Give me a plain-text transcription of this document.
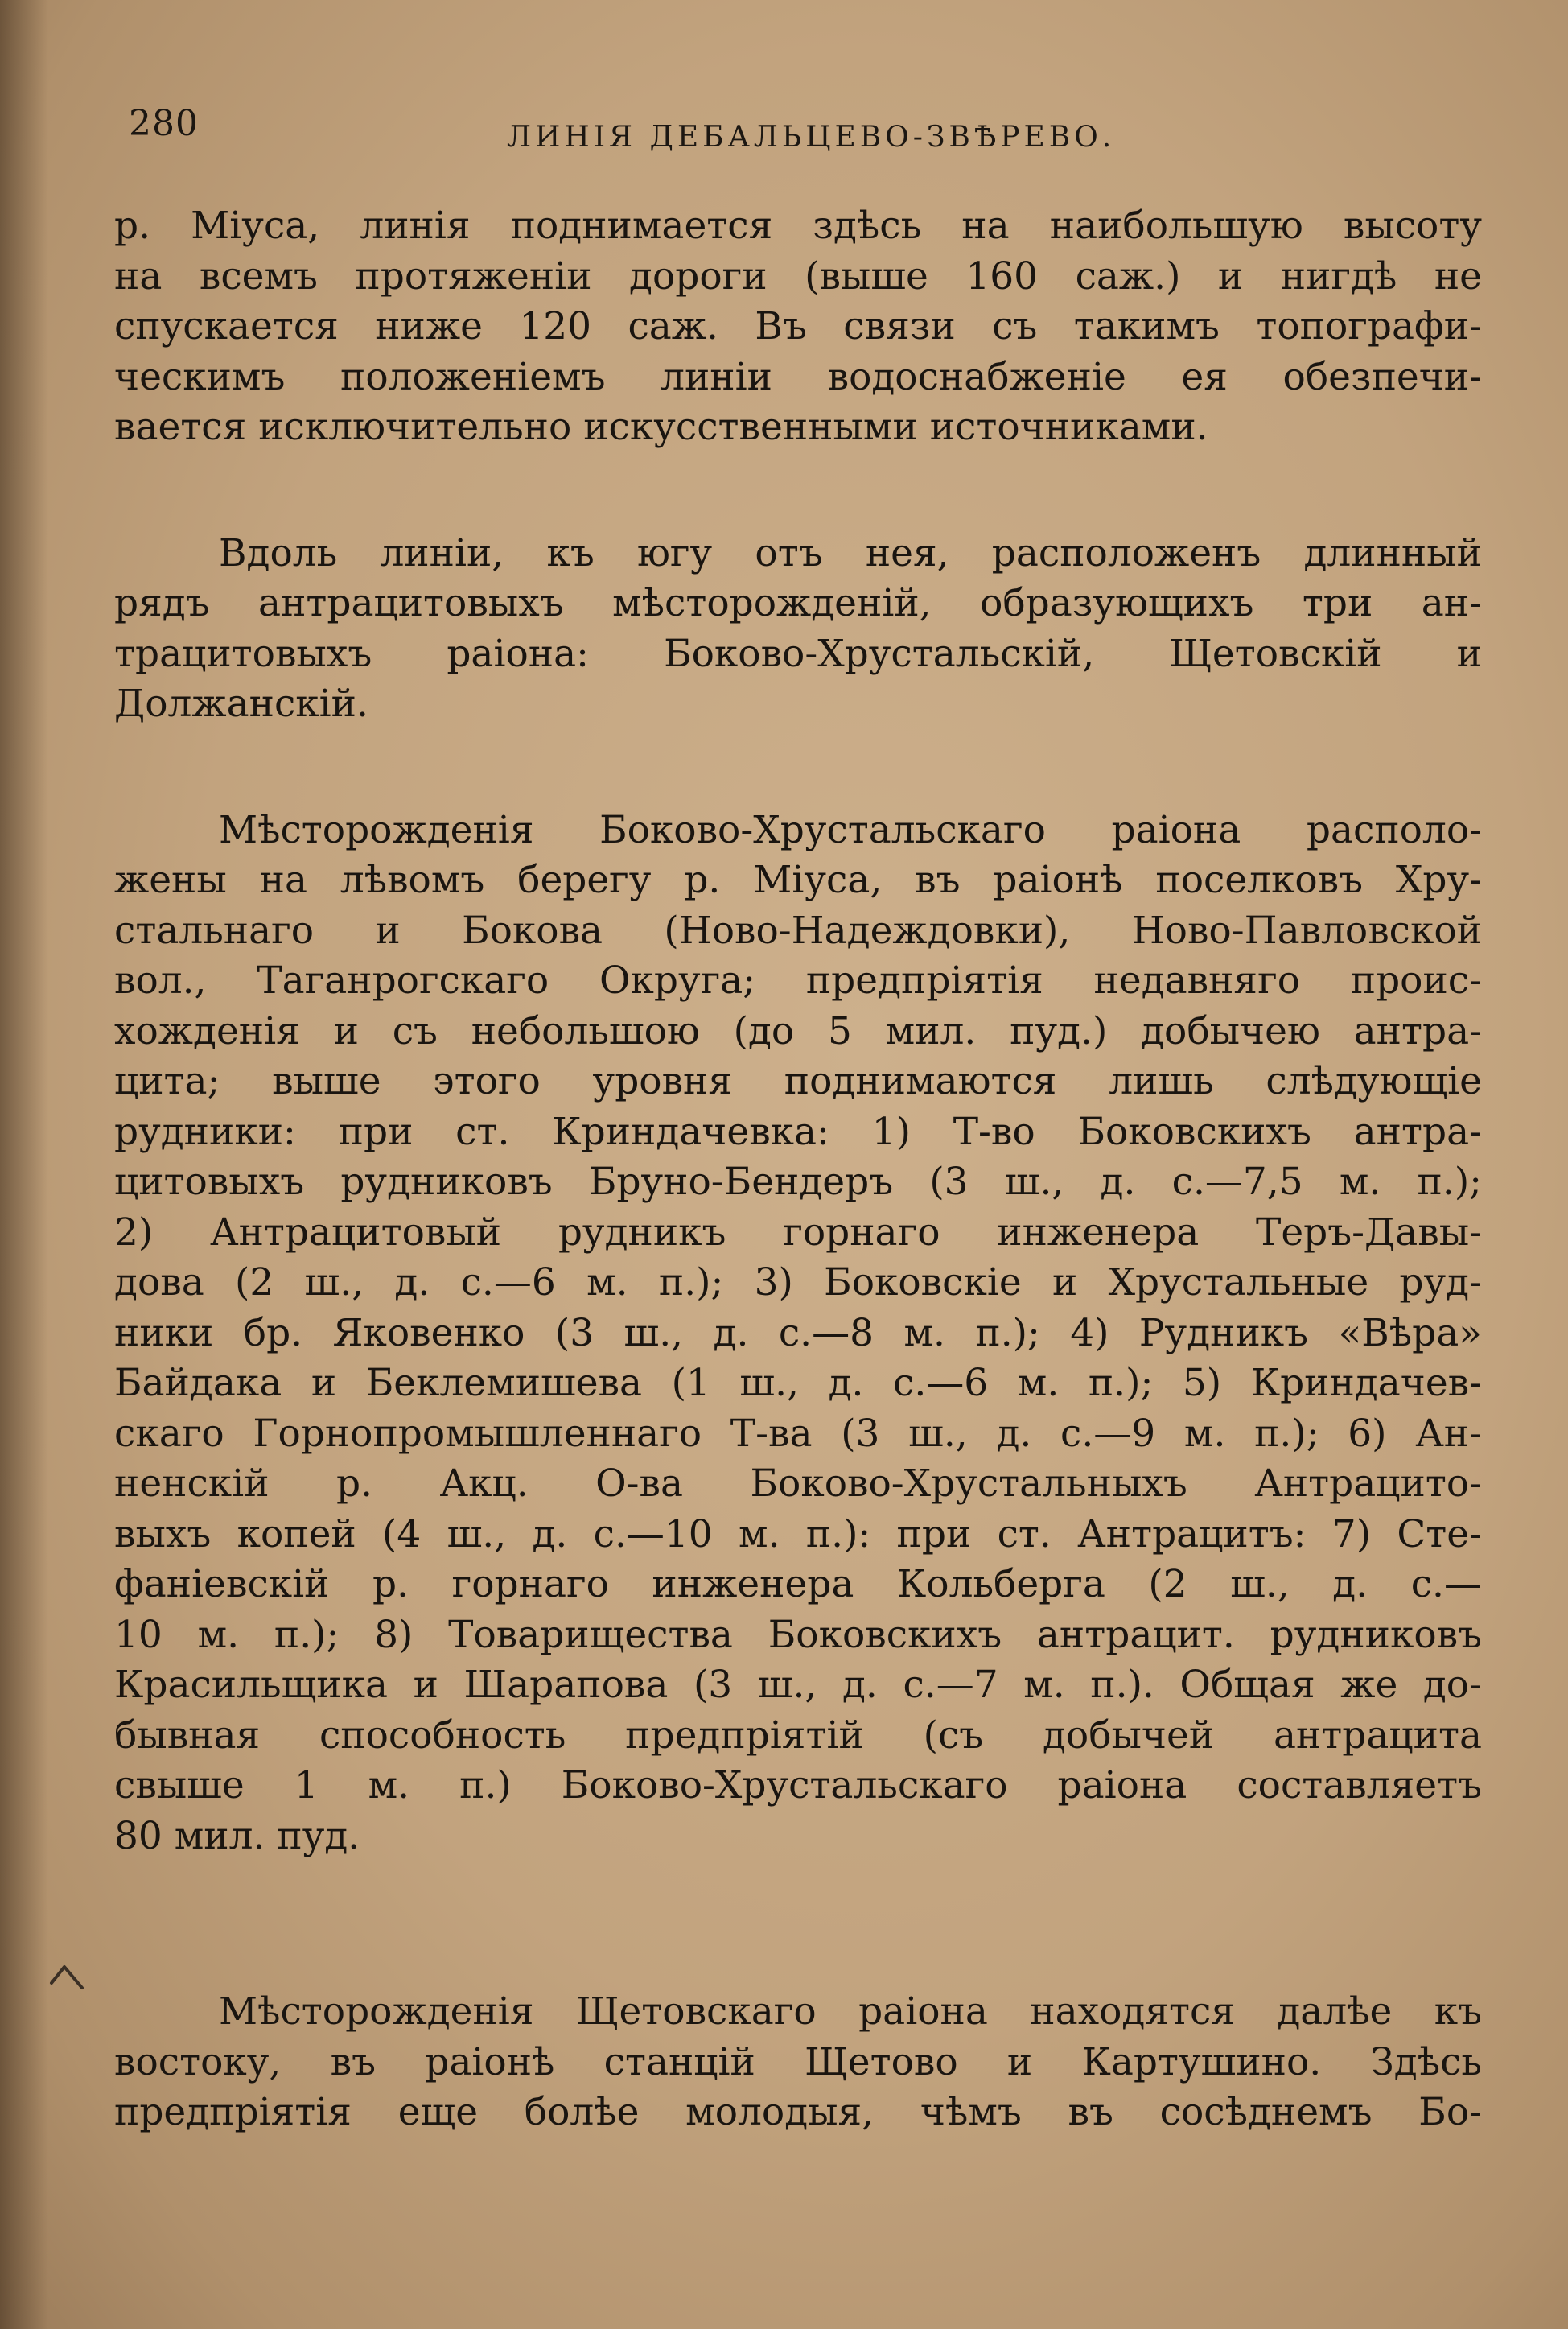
280	ЛИНІЯ ДЕБАЛЬЦЕВО-ЗВѢРЕВО.
р. Міуса, линія поднимается здѣсь на наибольшую высоту
на всемъ протяженіи дороги (выше 160 саж.) и нигдѣ не
спускается ниже 120 саж. Въ связи съ такимъ топографи-
ческимъ положеніемъ линіи водоснабженіе ея обезпечи-
вается исключительно искусственными источниками.
Вдоль линіи, къ югу отъ нея, расположенъ длинный
рядъ антрацитовыхъ мѣсторожденій, образующихъ три ан-
трацитовыхъ раіона: Боково-Хрустальскій, Щетовскій и
Должанскій.
Мѣсторожденія Боково-Хрустальскаго раіона располо-
жены на лѣвомъ берегу р. Міуса, въ раіонѣ поселковъ Хру-
стальнаго и Бокова (Ново-Надеждовки), Ново-Павловской
вол., Таганрогскаго Округа; предпріятія недавняго проис-
хожденія и съ небольшою (до 5 мил. пуд.) добычею антра-
цита; выше этого уровня поднимаются лишь слѣдующіе
рудники: при ст. Криндачевка: 1) Т-во Боковскихъ антра-
цитовыхъ рудниковъ Бруно-Бендеръ (3 ш., д. с.—7,5 м. п.);
2) Антрацитовый рудникъ горнаго инженера Теръ-Давы-
дова (2 ш., д. с.—6 м. п.); 3) Боковскіе и Хрустальные руд-
ники бр. Яковенко (3 ш., д. с.—8 м. п.); 4) Рудникъ «Вѣра»
Байдака и Беклемишева (1 ш., д. с.—6 м. п.); 5) Криндачев-
скаго Горнопромышленнаго Т-ва (3 ш., д. с.—9 м. п.); 6) Ан-
ненскій р. Акц. О-ва Боково-Хрустальныхъ Антрацито-
выхъ копей (4 ш., д. с.—10 м. п.): при ст. Антрацитъ: 7) Сте-
фаніевскій р. горнаго инженера Кольберга (2 ш., д. с.—
10 м. п.); 8) Товарищества Боковскихъ антрацит. рудниковъ
Красильщика и Шарапова (3 ш., д. с.—7 м. п.). Общая же до-
бывная способность предпріятій (съ добычей антрацита
свыше 1 м. п.) Боково-Хрустальскаго раіона составляетъ
80 мил. пуд.
Мѣсторожденія Щетовскаго раіона находятся далѣе къ
востоку, въ раіонѣ станцій Щетово и Картушино. Здѣсь
предпріятія еще болѣе молодыя, чѣмъ въ сосѣднемъ Бо-
